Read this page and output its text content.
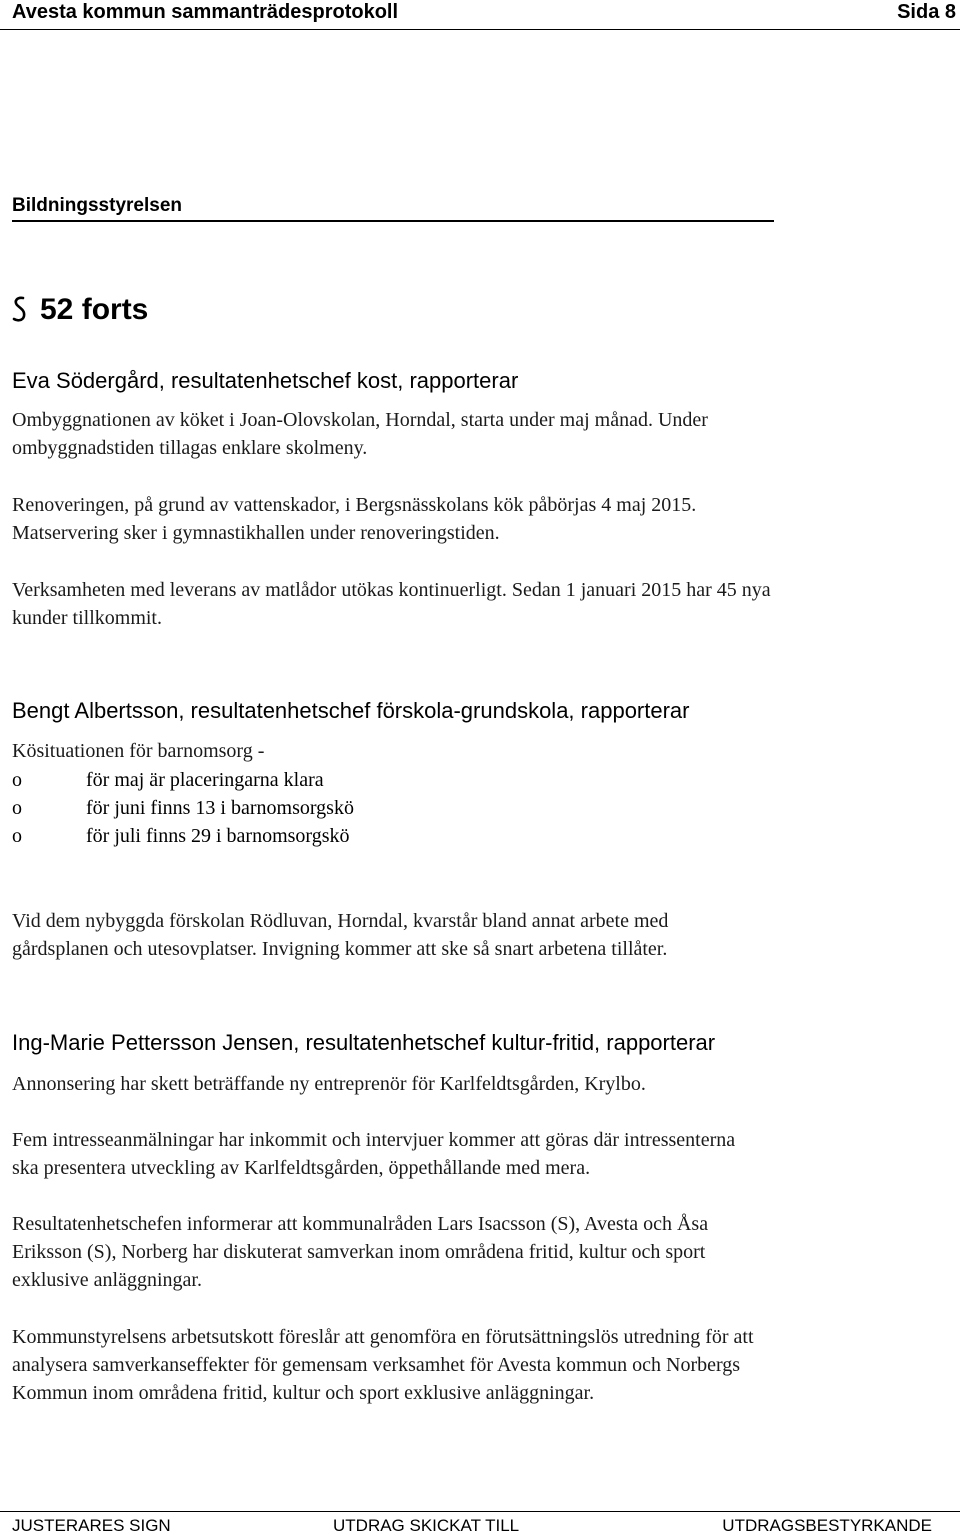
Avesta kommun sammanträdesprotokoll	Sida 8
Bildningsstyrelsen
52 forts
Eva Södergård, resultatenhetschef kost, rapporterar
Ombyggnationen av köket i Joan-Olovskolan, Horndal, starta under maj månad. Under
ombyggnadstiden tillagas enklare skolmeny.
Renoveringen, på grund av vattenskador, i Bergsnässkolans kök påbörjas 4 maj 2015.
Matservering sker i gymnastikhallen under renoveringstiden.
Verksamheten med leverans av matlådor utökas kontinuerligt. Sedan 1 januari 2015 har 45 nya
kunder tillkommit.
Bengt Albertsson, resultatenhetschef förskola-grundskola, rapporterar
Kösituationen för barnomsorg -
o	för maj är placeringarna klara
o	för juni finns 13 i barnomsorgskö
o	för juli finns 29 i barnomsorgskö
Vid dem nybyggda förskolan Rödluvan, Horndal, kvarstår bland annat arbete med
gårdsplanen och utesovplatser. Invigning kommer att ske så snart arbetena tillåter.
Ing-Marie Pettersson Jensen, resultatenhetschef kultur-fritid, rapporterar
Annonsering har skett beträffande ny entreprenör för Karlfeldtsgården, Krylbo.
Fem intresseanmälningar har inkommit och intervjuer kommer att göras där intressenterna
ska presentera utveckling av Karlfeldtsgården, öppethållande med mera.
Resultatenhetschefen informerar att kommunalråden Lars Isacsson (S), Avesta och Åsa
Eriksson (S), Norberg har diskuterat samverkan inom områdena fritid, kultur och sport
exklusive anläggningar.
Kommunstyrelsens arbetsutskott föreslår att genomföra en förutsättningslös utredning för att
analysera samverkanseffekter för gemensam verksamhet för Avesta kommun och Norbergs
Kommun inom områdena fritid, kultur och sport exklusive anläggningar.
JUSTERARES SIGN	UTDRAG SKICKAT TILL	UTDRAGSBESTYRKANDE
